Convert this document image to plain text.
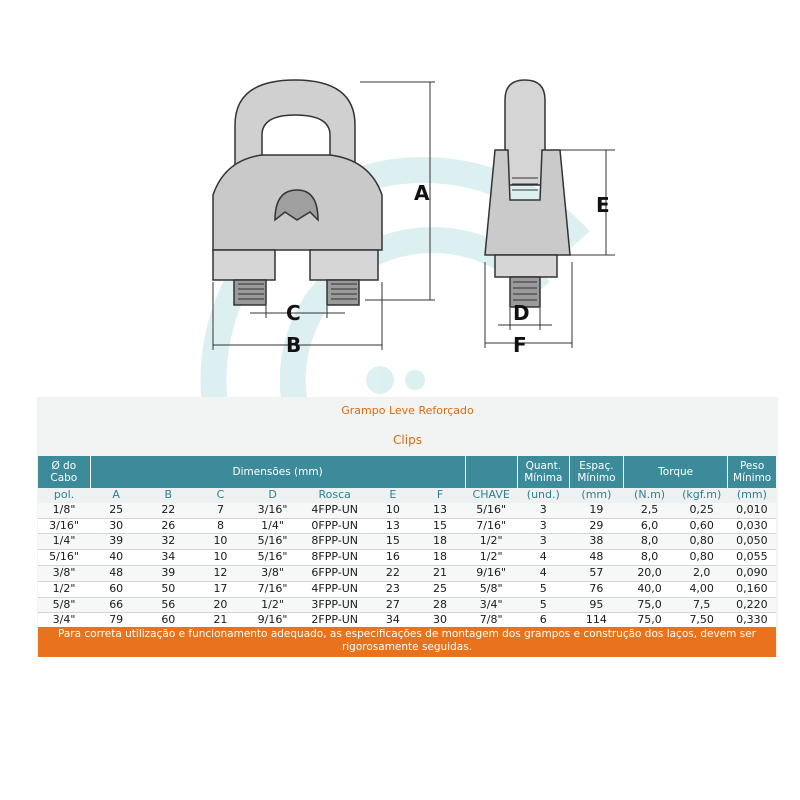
A
C
B
E
D
F
Grampo Leve Reforçado
Clips
Ø do Cabo	Dimensões (mm)								Quant. Mínima	Espaç. Mínimo	Torque		Peso Mínimo
pol.	A	B	C	D	Rosca	E	F	CHAVE	(und.)	(mm)	(N.m)	(kgf.m)	(mm)
1/8"	25	22	7	3/16"	4FPP-UN	10	13	5/16"	3	19	2,5	0,25	0,010
3/16"	30	26	8	1/4"	0FPP-UN	13	15	7/16"	3	29	6,0	0,60	0,030
1/4"	39	32	10	5/16"	8FPP-UN	15	18	1/2"	3	38	8,0	0,80	0,050
5/16"	40	34	10	5/16"	8FPP-UN	16	18	1/2"	4	48	8,0	0,80	0,055
3/8"	48	39	12	3/8"	6FPP-UN	22	21	9/16"	4	57	20,0	2,0	0,090
1/2"	60	50	17	7/16"	4FPP-UN	23	25	5/8"	5	76	40,0	4,00	0,160
5/8"	66	56	20	1/2"	3FPP-UN	27	28	3/4"	5	95	75,0	7,5	0,220
3/4"	79	60	21	9/16"	2FPP-UN	34	30	7/8"	6	114	75,0	7,50	0,330
Para correta utilização e funcionamento adequado, as especificações de montagem dos grampos e construção dos laços, devem ser
rigorosamente seguidas.
